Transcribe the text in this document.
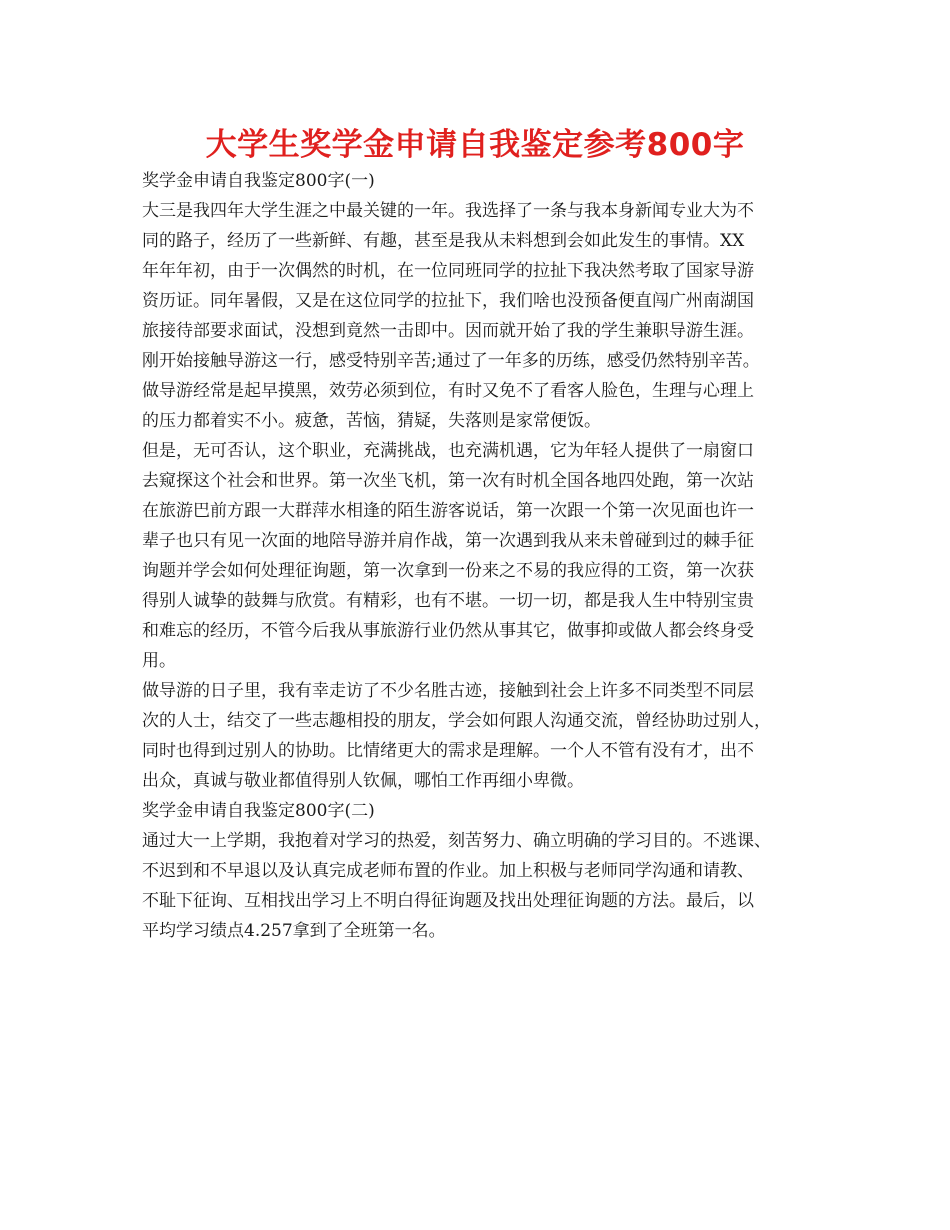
大学生奖学金申请自我鉴定参考800字
奖学金申请自我鉴定800字(一)
大三是我四年大学生涯之中最关键的一年。我选择了一条与我本身新闻专业大为不
同的路子，经历了一些新鲜、有趣，甚至是我从未料想到会如此发生的事情。XX
年年年初，由于一次偶然的时机，在一位同班同学的拉扯下我决然考取了国家导游
资历证。同年暑假，又是在这位同学的拉扯下，我们啥也没预备便直闯广州南湖国
旅接待部要求面试，没想到竟然一击即中。因而就开始了我的学生兼职导游生涯。
刚开始接触导游这一行，感受特别辛苦;通过了一年多的历练，感受仍然特别辛苦。
做导游经常是起早摸黑，效劳必须到位，有时又免不了看客人脸色，生理与心理上
的压力都着实不小。疲惫，苦恼，猜疑，失落则是家常便饭。
但是，无可否认，这个职业，充满挑战，也充满机遇，它为年轻人提供了一扇窗口
去窥探这个社会和世界。第一次坐飞机，第一次有时机全国各地四处跑，第一次站
在旅游巴前方跟一大群萍水相逢的陌生游客说话，第一次跟一个第一次见面也许一
辈子也只有见一次面的地陪导游并肩作战，第一次遇到我从来未曾碰到过的棘手征
询题并学会如何处理征询题，第一次拿到一份来之不易的我应得的工资，第一次获
得别人诚挚的鼓舞与欣赏。有精彩，也有不堪。一切一切，都是我人生中特别宝贵
和难忘的经历，不管今后我从事旅游行业仍然从事其它，做事抑或做人都会终身受
用。
做导游的日子里，我有幸走访了不少名胜古迹，接触到社会上许多不同类型不同层
次的人士，结交了一些志趣相投的朋友，学会如何跟人沟通交流，曾经协助过别人，
同时也得到过别人的协助。比情绪更大的需求是理解。一个人不管有没有才，出不
出众，真诚与敬业都值得别人钦佩，哪怕工作再细小卑微。
奖学金申请自我鉴定800字(二)
通过大一上学期，我抱着对学习的热爱，刻苦努力、确立明确的学习目的。不逃课、
不迟到和不早退以及认真完成老师布置的作业。加上积极与老师同学沟通和请教、
不耻下征询、互相找出学习上不明白得征询题及找出处理征询题的方法。最后，以
平均学习绩点4.257拿到了全班第一名。
